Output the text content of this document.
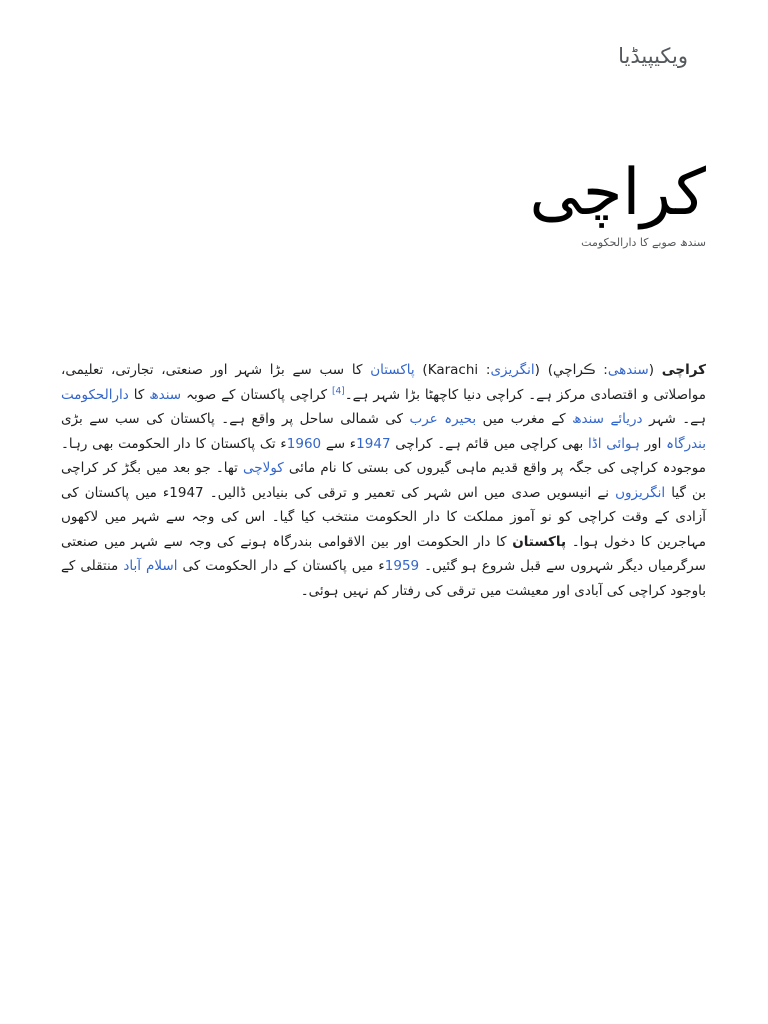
ویکیپیڈیا
کراچی
سندھ صوبے کا دارالحکومت

کراچی (سندھی: ڪراچي) (انگریزی: Karachi) پاکستان کا سب سے بڑا شہر اور صنعتی، تجارتی، تعلیمی، مواصلاتی و اقتصادی مرکز ہے۔ کراچی دنیا کاچھٹا بڑا شہر ہے۔[4] کراچی پاکستان کے صوبہ سندھ کا دارالحکومت ہے۔ شہر دریائے سندھ کے مغرب میں بحیرہ عرب کی شمالی ساحل پر واقع ہے۔ پاکستان کی سب سے بڑی بندرگاہ اور ہوائی اڈا بھی کراچی میں قائم ہے۔ کراچی 1947ء سے 1960ء تک پاکستان کا دار الحکومت بھی رہا۔ موجودہ کراچی کی جگہ پر واقع قدیم ماہی گیروں کی بستی کا نام مائی کولاچی تھا۔ جو بعد میں بگڑ کر کراچی بن گیا انگریزوں نے انیسویں صدی میں اس شہر کی تعمیر و ترقی کی بنیادیں ڈالیں۔ 1947ء میں پاکستان کی آزادی کے وقت کراچی کو نو آموز مملکت کا دار الحکومت منتخب کیا گیا۔ اس کی وجہ سے شہر میں لاکھوں مہاجرین کا دخول ہوا۔ پاکستان کا دار الحکومت اور بین الاقوامی بندرگاہ ہونے کی وجہ سے شہر میں صنعتی سرگرمیاں دیگر شہروں سے قبل شروع ہو گئیں۔ 1959ء میں پاکستان کے دار الحکومت کی اسلام آباد منتقلی کے باوجود کراچی کی آبادی اور معیشت میں ترقی کی رفتار کم نہیں ہوئی۔
